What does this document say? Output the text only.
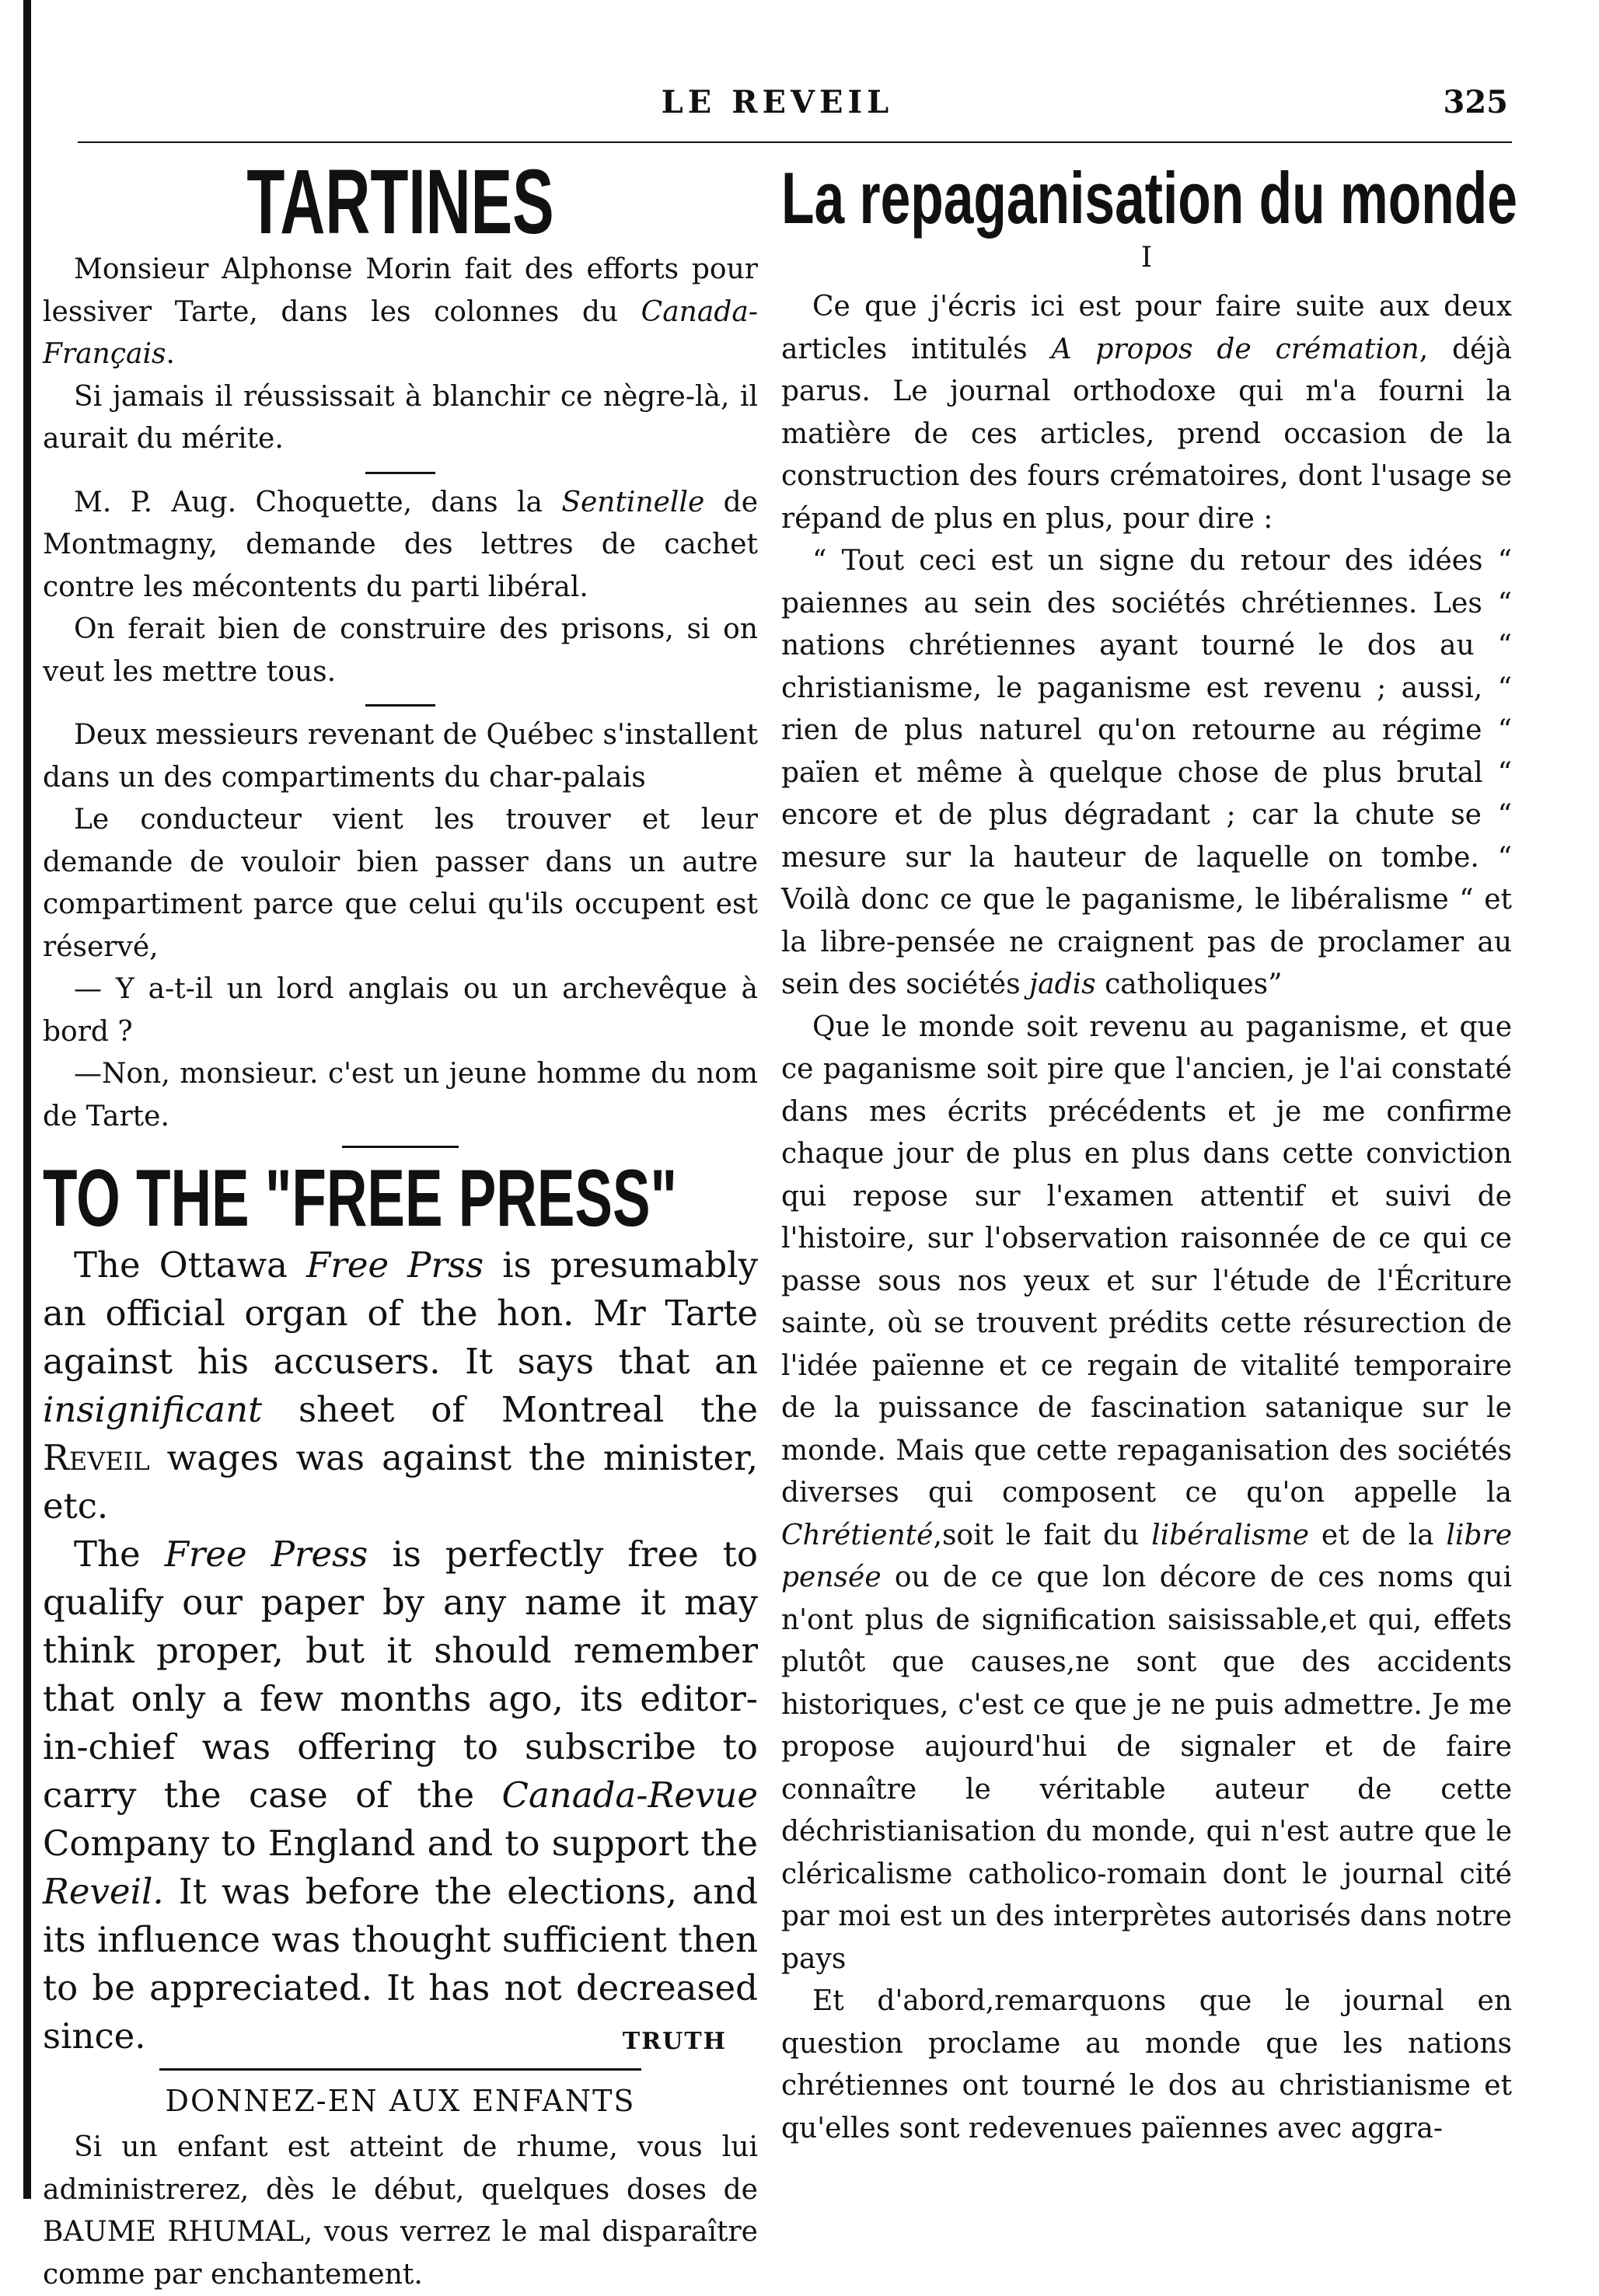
LE REVEIL	325
TARTINES

Monsieur Alphonse Morin fait des efforts pour lessiver Tarte, dans les colonnes du Canada-Français.

Si jamais il réussissait à blanchir ce nègre-là, il aurait du mérite.

M. P. Aug. Choquette, dans la Sentinelle de Montmagny, demande des lettres de cachet contre les mécontents du parti libéral.

On ferait bien de construire des prisons, si on veut les mettre tous.

Deux messieurs revenant de Québec s'installent dans un des compartiments du char-palais

Le conducteur vient les trouver et leur demande de vouloir bien passer dans un autre compartiment parce que celui qu'ils occupent est réservé,

— Y a-t-il un lord anglais ou un archevêque à bord ?

—Non, monsieur. c'est un jeune homme du nom de Tarte.

TO THE "FREE PRESS"

The Ottawa Free Prss is presumably an official organ of the hon. Mr Tarte against his accusers. It says that an insignificant sheet of Montreal the Reveil wages was against the minister, etc.

The Free Press is perfectly free to qualify our paper by any name it may think proper, but it should remember that only a few months ago, its editor-in-chief was offering to subscribe to carry the case of the Canada-Revue Company to England and to support the Reveil. It was before the elections, and its influence was thought sufficient then to be appreciated. It has not decreased since.	TRUTH
DONNEZ-EN AUX ENFANTS

Si un enfant est atteint de rhume, vous lui administrerez, dès le début, quelques doses de BAUME RHUMAL, vous verrez le mal disparaître comme par enchantement.

La repaganisation du monde
I

Ce que j'écris ici est pour faire suite aux deux articles intitulés A propos de crémation, déjà parus. Le journal orthodoxe qui m'a fourni la matière de ces articles, prend occasion de la construction des fours crématoires, dont l'usage se répand de plus en plus, pour dire :

“ Tout ceci est un signe du retour des idées “ paiennes au sein des sociétés chrétiennes. Les “ nations chrétiennes ayant tourné le dos au “ christianisme, le paganisme est revenu ; aussi, “ rien de plus naturel qu'on retourne au régime “ païen et même à quelque chose de plus brutal “ encore et de plus dégradant ; car la chute se “ mesure sur la hauteur de laquelle on tombe. “ Voilà donc ce que le paganisme, le libéralisme “ et la libre-pensée ne craignent pas de proclamer au sein des sociétés jadis catholiques”

Que le monde soit revenu au paganisme, et que ce paganisme soit pire que l'ancien, je l'ai constaté dans mes écrits précédents et je me confirme chaque jour de plus en plus dans cette conviction qui repose sur l'examen attentif et suivi de l'histoire, sur l'observation raisonnée de ce qui ce passe sous nos yeux et sur l'étude de l'Écriture sainte, où se trouvent prédits cette résurection de l'idée païenne et ce regain de vitalité temporaire de la puissance de fascination satanique sur le monde. Mais que cette repaganisation des sociétés diverses qui composent ce qu'on appelle la Chrétienté,soit le fait du libéralisme et de la libre pensée ou de ce que lon décore de ces noms qui n'ont plus de signification saisissable,et qui, effets plutôt que causes,ne sont que des accidents historiques, c'est ce que je ne puis admettre. Je me propose aujourd'hui de signaler et de faire connaître le véritable auteur de cette déchristianisation du monde, qui n'est autre que le cléricalisme catholico-romain dont le journal cité par moi est un des interprètes autorisés dans notre pays

Et d'abord,remarquons que le journal en question proclame au monde que les nations chrétiennes ont tourné le dos au christianisme et qu'elles sont redevenues païennes avec aggra-
